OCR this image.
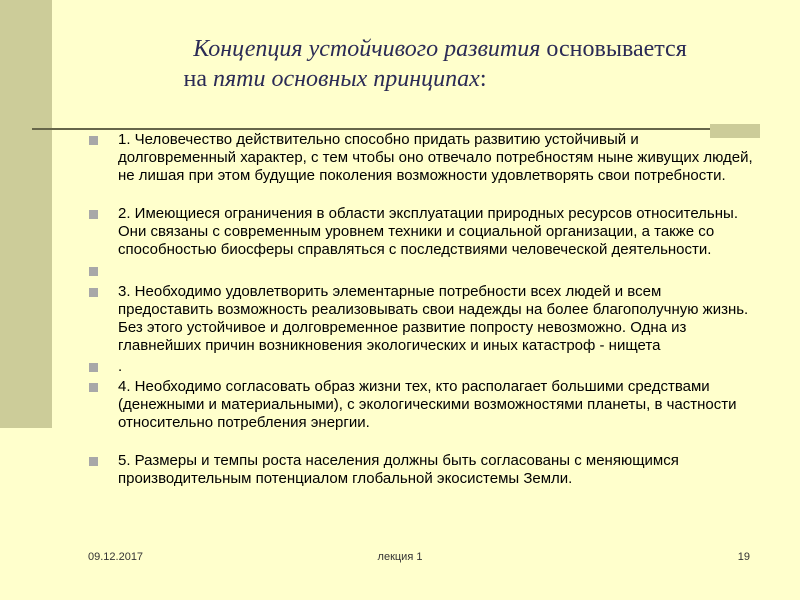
Концепция устойчивого развития основывается
на пяти основных принципах:
1. Человечество действительно способно придать развитию устойчивый и долговременный характер, с тем чтобы оно отвечало потребностям ныне живущих людей, не лишая при этом будущие поколения возможности удовлетворять свои потребности.
2. Имеющиеся ограничения в области эксплуатации природных ресурсов относительны. Они связаны с современным уровнем техники и социальной организации, а также со способностью биосферы справляться с последствиями человеческой деятельности.
3. Необходимо удовлетворить элементарные потребности всех людей и всем предоставить возможность реализовывать свои надежды на более благополучную жизнь. Без этого устойчивое и долговременное развитие попросту невозможно. Одна из главнейших причин возникновения экологических и иных катастроф - нищета
.
4. Необходимо согласовать образ жизни тех, кто располагает большими средствами (денежными и материальными), с экологическими возможностями планеты, в частности относительно потребления энергии.
5. Размеры и темпы роста населения должны быть согласованы с меняющимся производительным потенциалом глобальной экосистемы Земли.
09.12.2017	лекция 1	19
